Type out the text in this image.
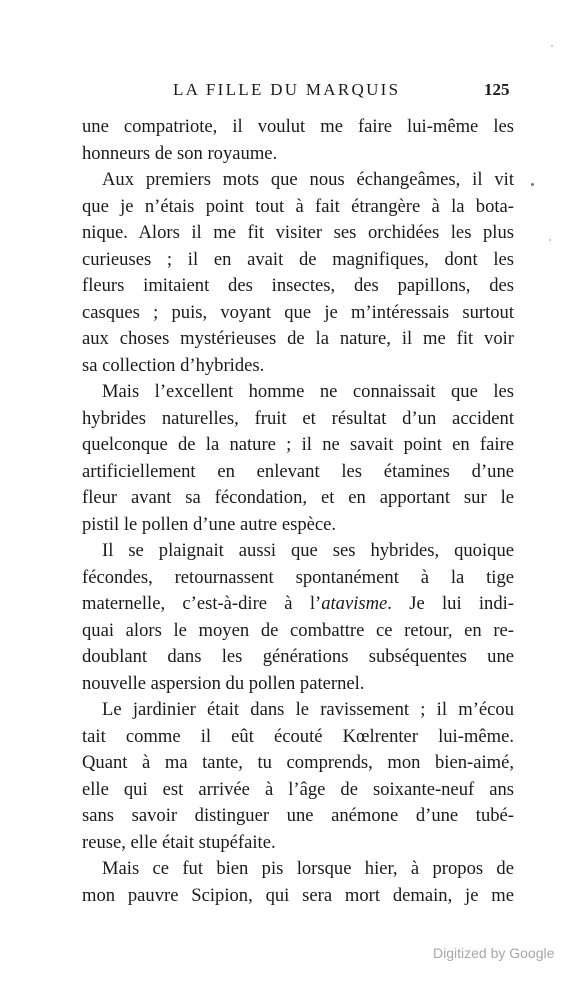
LA FILLE DU MARQUIS	125
une compatriote, il voulut me faire lui-même les
honneurs de son royaume.
Aux premiers mots que nous échangeâmes, il vit
que je n’étais point tout à fait étrangère à la bota-
nique. Alors il me fit visiter ses orchidées les plus
curieuses ; il en avait de magnifiques, dont les
fleurs imitaient des insectes, des papillons, des
casques ; puis, voyant que je m’intéressais surtout
aux choses mystérieuses de la nature, il me fit voir
sa collection d’hybrides.
Mais l’excellent homme ne connaissait que les
hybrides naturelles, fruit et résultat d’un accident
quelconque de la nature ; il ne savait point en faire
artificiellement en enlevant les étamines d’une
fleur avant sa fécondation, et en apportant sur le
pistil le pollen d’une autre espèce.
Il se plaignait aussi que ses hybrides, quoique
fécondes, retournassent spontanément à la tige
maternelle, c’est-à-dire à l’atavisme. Je lui indi-
quai alors le moyen de combattre ce retour, en re-
doublant dans les générations subséquentes une
nouvelle aspersion du pollen paternel.
Le jardinier était dans le ravissement ; il m’écou
tait comme il eût écouté Kœlrenter lui-même.
Quant à ma tante, tu comprends, mon bien-aimé,
elle qui est arrivée à l’âge de soixante-neuf ans
sans savoir distinguer une anémone d’une tubé-
reuse, elle était stupéfaite.
Mais ce fut bien pis lorsque hier, à propos de
mon pauvre Scipion, qui sera mort demain, je me
Digitized by Google
